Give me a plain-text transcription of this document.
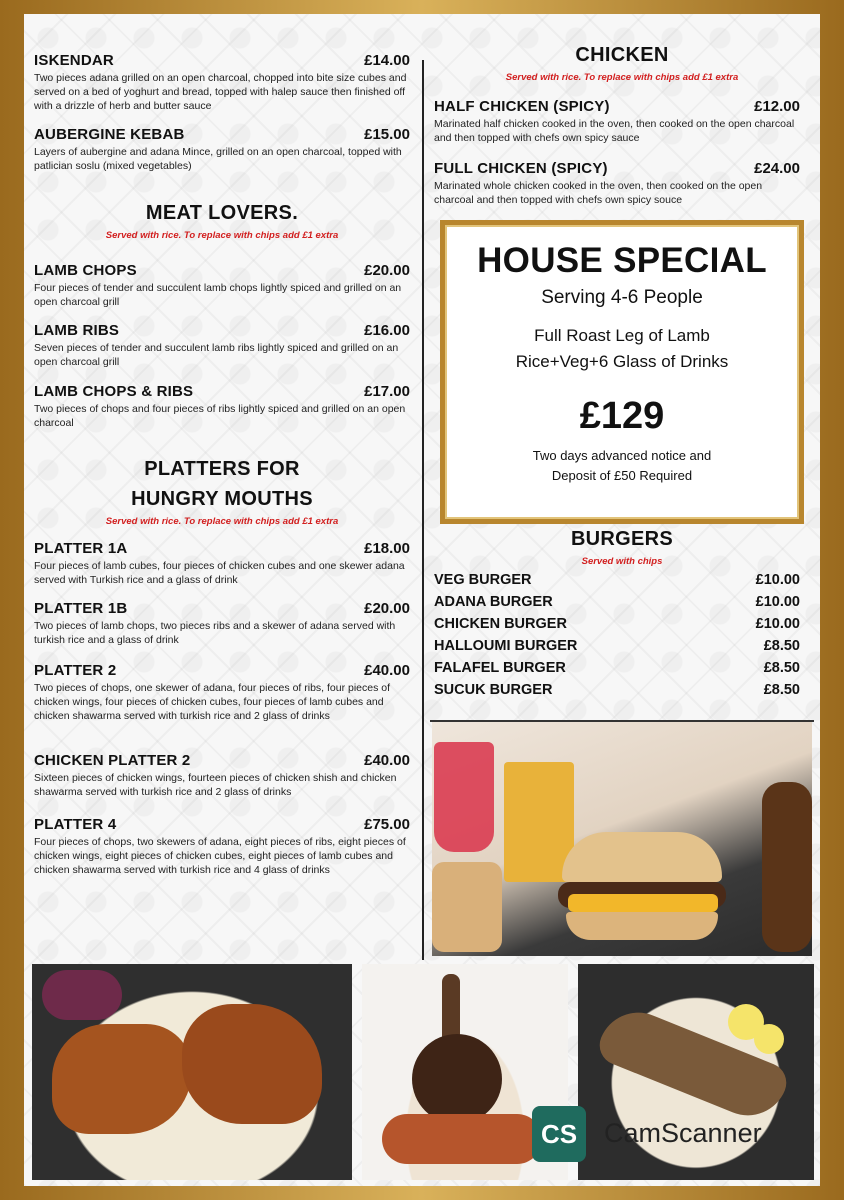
ISKENDAR	£14.00
Two pieces adana grilled on an open charcoal, chopped into bite size cubes and served on a bed of yoghurt and bread, topped with halep sauce then finished off with a drizzle of herb and butter sauce
AUBERGINE KEBAB	£15.00
Layers of aubergine and adana Mince, grilled on an open charcoal, topped with patlician soslu (mixed vegetables)
MEAT LOVERS.
Served with rice. To replace with chips add £1 extra
LAMB CHOPS	£20.00
Four pieces of tender and succulent lamb chops lightly spiced and grilled on an open charcoal grill
LAMB RIBS	£16.00
Seven pieces of tender and succulent lamb ribs lightly spiced and grilled on an open charcoal grill
LAMB CHOPS & RIBS	£17.00
Two pieces of chops and four pieces of ribs lightly spiced and grilled on an open charcoal
PLATTERS FOR
HUNGRY MOUTHS
Served with rice. To replace with chips add £1 extra
PLATTER 1A	£18.00
Four pieces of lamb cubes, four pieces of chicken cubes and one skewer adana served with Turkish rice and a glass of drink
PLATTER 1B	£20.00
Two pieces of lamb chops, two pieces ribs and a skewer of adana served with turkish rice and a glass of drink
PLATTER 2	£40.00
Two pieces of chops, one skewer of adana, four pieces of ribs, four pieces of chicken wings, four pieces of chicken cubes, four pieces of lamb cubes and chicken shawarma served with turkish rice and 2 glass of drinks
CHICKEN PLATTER 2	£40.00
Sixteen pieces of chicken wings, fourteen pieces of chicken shish and chicken shawarma served with turkish rice and 2 glass of drinks
PLATTER 4	£75.00
Four pieces of chops, two skewers of adana, eight pieces of ribs, eight pieces of chicken wings, eight pieces of chicken cubes, eight pieces of lamb cubes and chicken shawarma served with turkish rice and 4 glass of drinks
CHICKEN
Served with rice. To replace with chips add £1 extra
HALF CHICKEN (SPICY)	£12.00
Marinated half chicken cooked in the oven, then cooked on the open charcoal and then topped with chefs own spicy sauce
FULL CHICKEN (SPICY)	£24.00
Marinated whole chicken cooked in the oven, then cooked on the open charcoal and then topped with chefs own spicy souce
HOUSE SPECIAL
Serving 4-6 People
Full Roast Leg of Lamb
Rice+Veg+6 Glass of Drinks
£129
Two days advanced notice and
Deposit of £50 Required
BURGERS
Served with chips
VEG BURGER	£10.00
ADANA BURGER	£10.00
CHICKEN BURGER	£10.00
HALLOUMI BURGER	£8.50
FALAFEL BURGER	£8.50
SUCUK BURGER	£8.50
CS CamScanner
